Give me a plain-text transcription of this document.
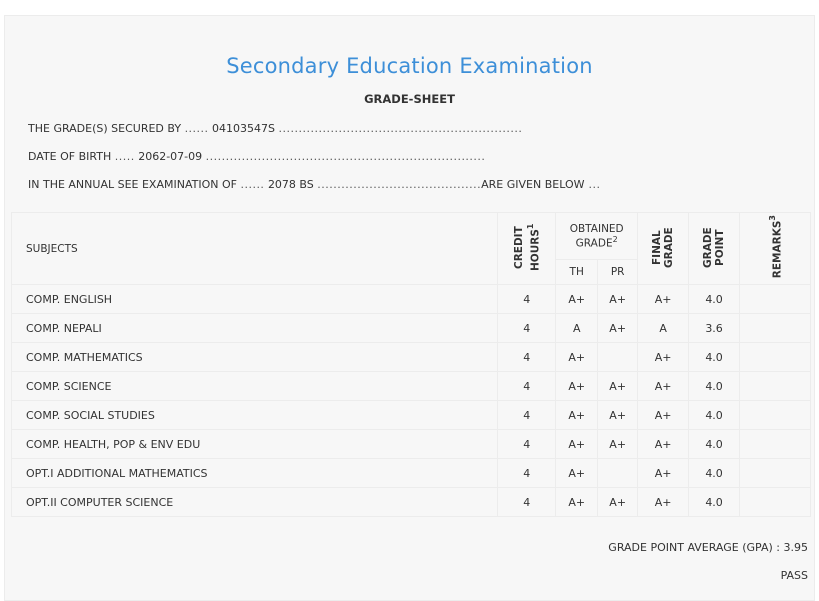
Secondary Education Examination
GRADE-SHEET
THE GRADE(S) SECURED BY ...... 04103547S .............................................................
DATE OF BIRTH ..... 2062-07-09 ......................................................................
IN THE ANNUAL SEE EXAMINATION OF ...... 2078 BS .........................................ARE GIVEN BELOW ...
SUBJECTS	CREDIT HOURS$^1$	OBTAINED GRADE$^2$		FINAL GRADE	GRADE POINT	REMARKS$^3$
		TH	PR			
COMP. ENGLISH	4	A+	A+	A+	4.0	
COMP. NEPALI	4	A	A+	A	3.6	
COMP. MATHEMATICS	4	A+		A+	4.0	
COMP. SCIENCE	4	A+	A+	A+	4.0	
COMP. SOCIAL STUDIES	4	A+	A+	A+	4.0	
COMP. HEALTH, POP & ENV EDU	4	A+	A+	A+	4.0	
OPT.I ADDITIONAL MATHEMATICS	4	A+		A+	4.0	
OPT.II COMPUTER SCIENCE	4	A+	A+	A+	4.0	
GRADE POINT AVERAGE (GPA) : 3.95
PASS
